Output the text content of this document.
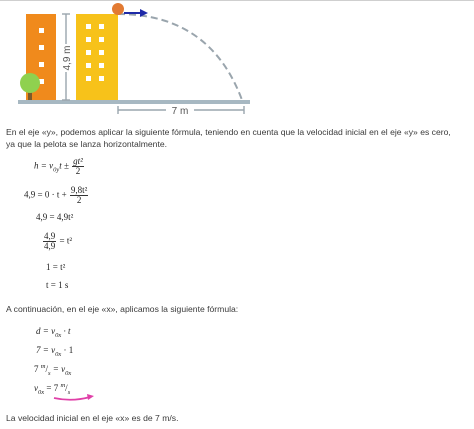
4,9 m
7 m
En el eje «y», podemos aplicar la siguiente fórmula, teniendo en cuenta que la velocidad inicial en el eje «y» es cero,
ya que la pelota se lanza horizontalmente.
$h = v_{0y}t \pm \frac{\text{gt²}}{2}$
$4,9 = 0 \cdot t + \frac{\text{9,8t²}}{2}$
4,9 = 4,9t²
$\frac{4,9}{4,9} = t^2$
1 = t²
t = 1 s
A continuación, en el eje «x», aplicamos la siguiente fórmula:
$d = v_{0x} \cdot t$
$7 = v_{0x} \cdot 1$
7 $^m/_s = v_{0x}$
$v_{0x} = 7$ $^m/_s$
La velocidad inicial en el eje «x» es de 7 m/s.
